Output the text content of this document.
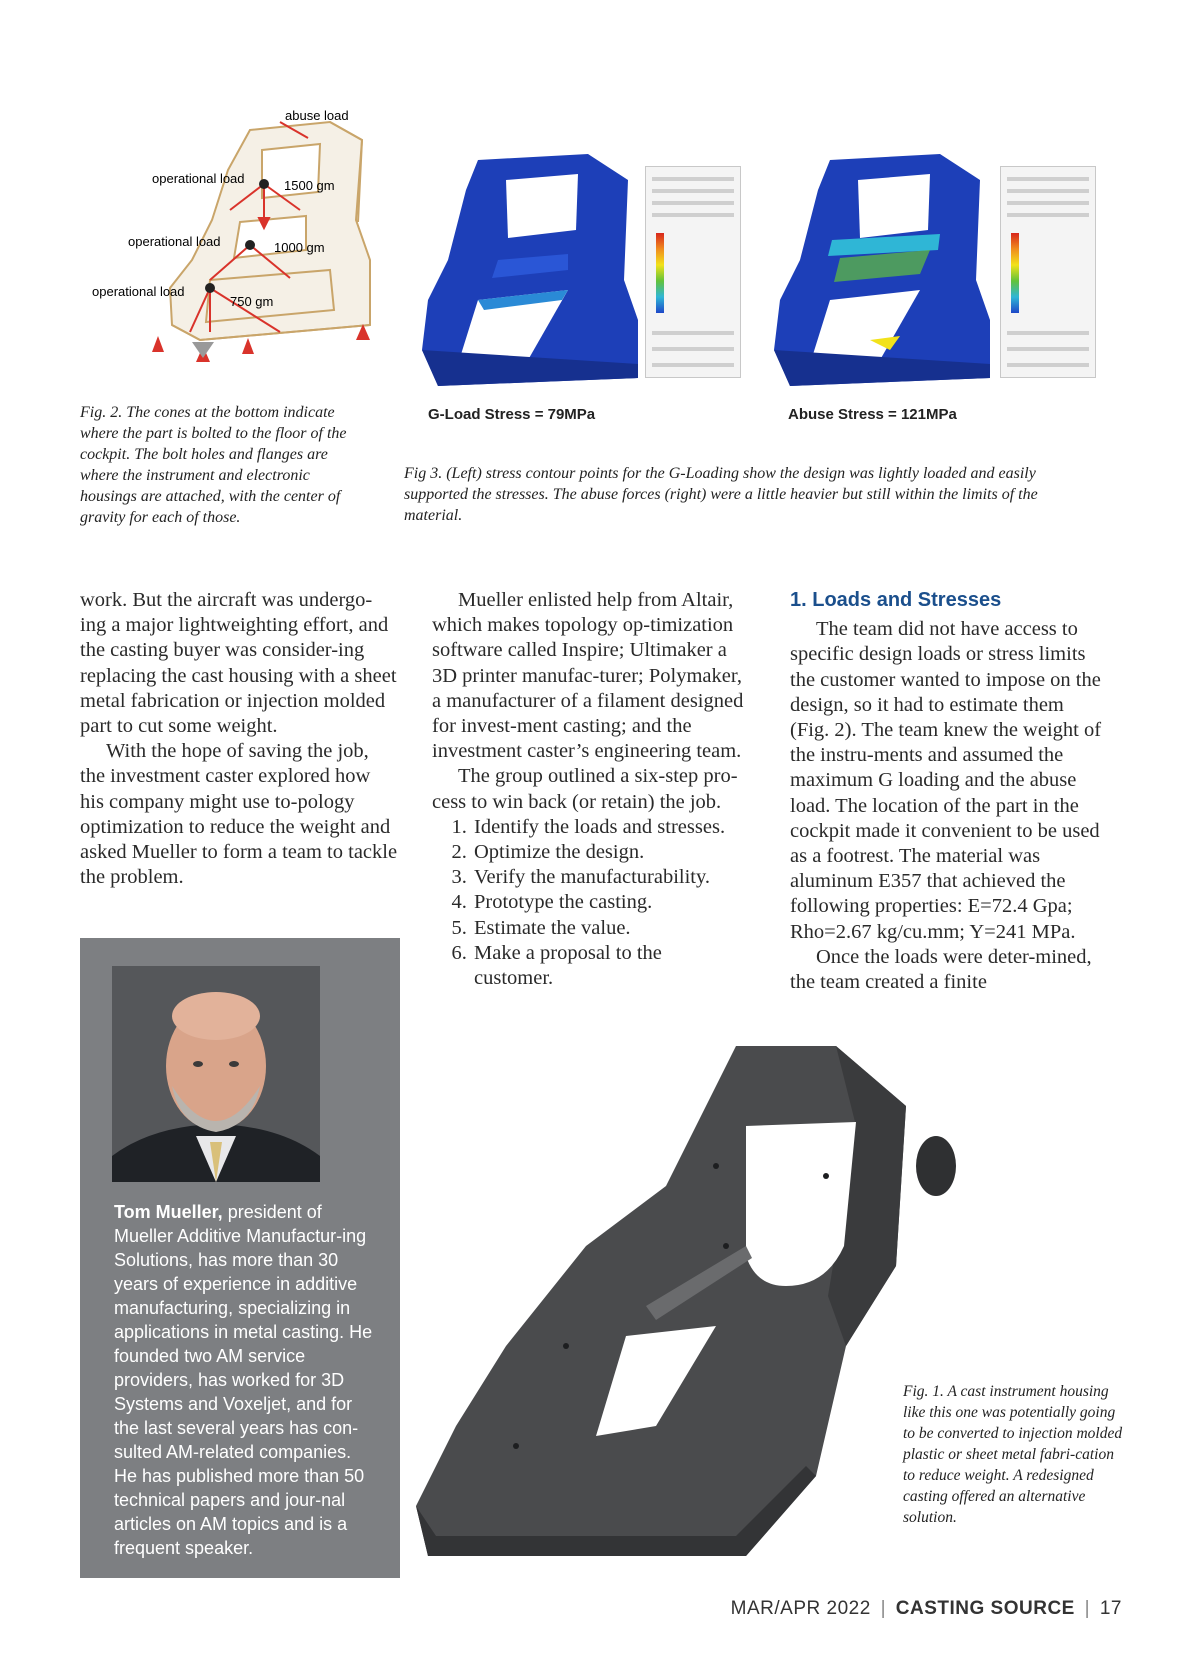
abuse load
operational load	1500 gm
operational load	1000 gm
operational load
750 gm
Fig. 2. The cones at the bottom indicate where the part is bolted to the floor of the cockpit. The bolt holes and flanges are where the instrument and electronic housings are attached, with the center of gravity for each of those.
G-Load Stress = 79MPa	Abuse Stress = 121MPa
Fig 3. (Left) stress contour points for the G-Loading show the design was lightly loaded and easily supported the stresses. The abuse forces (right) were a little heavier but still within the limits of the material.

work. But the aircraft was undergo-ing a major lightweighting effort, and the casting buyer was consider-ing replacing the cast housing with a sheet metal fabrication or injection molded part to cut some weight.

With the hope of saving the job, the investment caster explored how his company might use to-pology optimization to reduce the weight and asked Mueller to form a team to tackle the problem.

Mueller enlisted help from Altair, which makes topology op-timization software called Inspire; Ultimaker a 3D printer manufac-turer; Polymaker, a manufacturer of a filament designed for invest-ment casting; and the investment caster’s engineering team.

The group outlined a six-step pro-cess to win back (or retain) the job.

1. Identify the loads and stresses.
2. Optimize the design.
3. Verify the manufacturability.
4. Prototype the casting.
5. Estimate the value.
6. Make a proposal to the customer.
1. Loads and Stresses

The team did not have access to specific design loads or stress limits the customer wanted to impose on the design, so it had to estimate them (Fig. 2). The team knew the weight of the instru-ments and assumed the maximum G loading and the abuse load. The location of the part in the cockpit made it convenient to be used as a footrest. The material was aluminum E357 that achieved the following properties: E=72.4 Gpa; Rho=2.67 kg/cu.mm; Y=241 MPa.

Once the loads were deter-mined, the team created a finite

Tom Mueller, president of Mueller Additive Manufactur-ing Solutions, has more than 30 years of experience in additive manufacturing, specializing in applications in metal casting. He founded two AM service providers, has worked for 3D Systems and Voxeljet, and for the last several years has con-sulted AM-related companies. He has published more than 50 technical papers and jour-nal articles on AM topics and is a frequent speaker.
Fig. 1. A cast instrument housing like this one was potentially going to be converted to injection molded plastic or sheet metal fabri-cation to reduce weight. A redesigned casting offered an alternative solution.
MAR/APR 2022 | CASTING SOURCE | 17
